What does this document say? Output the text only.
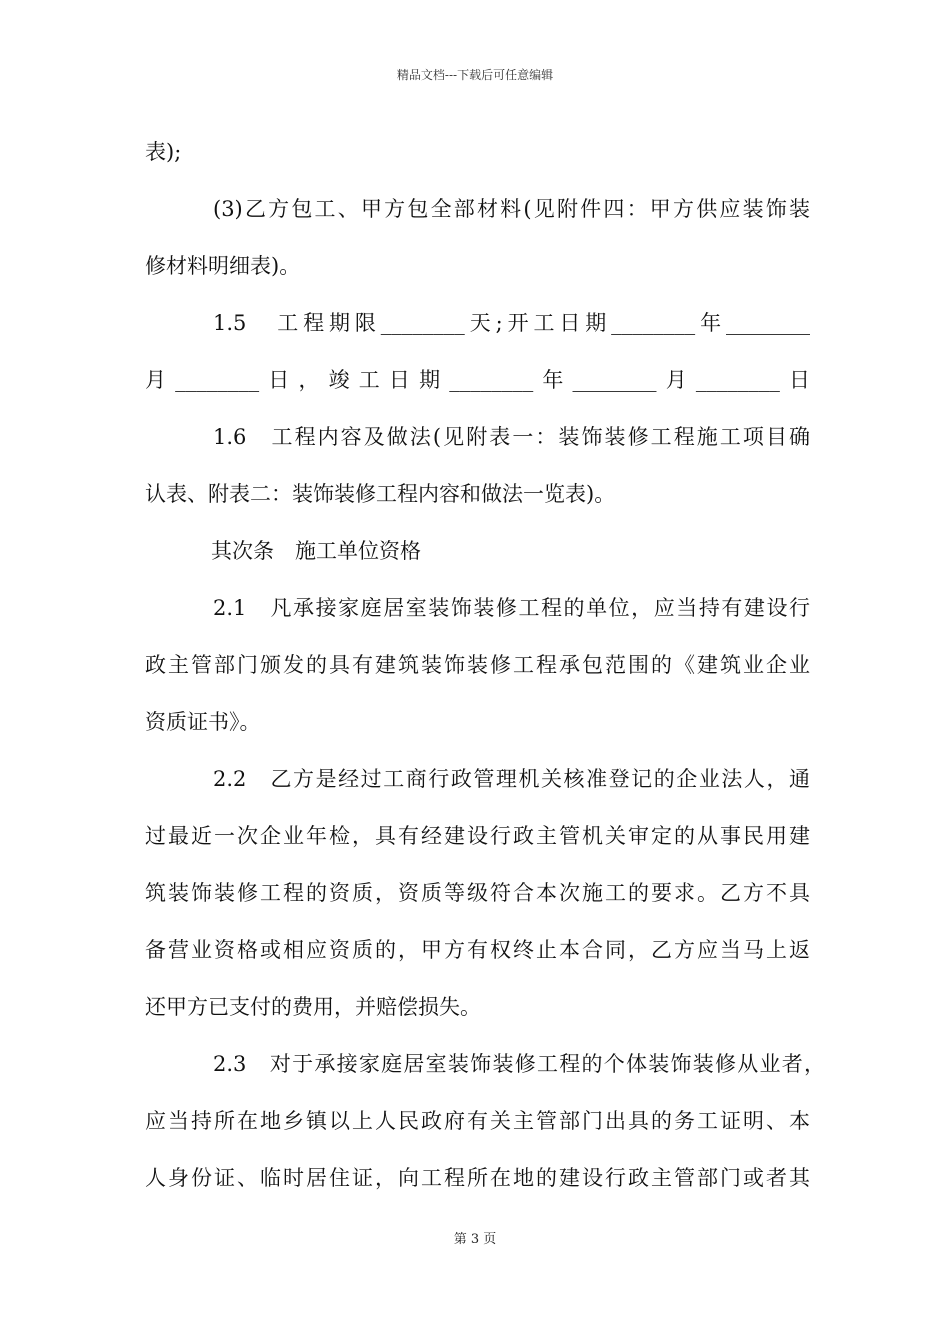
精品文档---下载后可任意编辑
表);
(3)乙方包工、甲方包全部材料(见附件四：甲方供应装饰装
修材料明细表)。
1.5　工程期限________天;开工日期________年________
月________日，竣工日期________年________月________日
1.6　工程内容及做法(见附表一：装饰装修工程施工项目确
认表、附表二：装饰装修工程内容和做法一览表)。
其次条　施工单位资格
2.1　凡承接家庭居室装饰装修工程的单位，应当持有建设行
政主管部门颁发的具有建筑装饰装修工程承包范围的《建筑业企业
资质证书》。
2.2　乙方是经过工商行政管理机关核准登记的企业法人，通
过最近一次企业年检，具有经建设行政主管机关审定的从事民用建
筑装饰装修工程的资质，资质等级符合本次施工的要求。乙方不具
备营业资格或相应资质的，甲方有权终止本合同，乙方应当马上返
还甲方已支付的费用，并赔偿损失。
2.3　对于承接家庭居室装饰装修工程的个体装饰装修从业者，
应当持所在地乡镇以上人民政府有关主管部门出具的务工证明、本
人身份证、临时居住证，向工程所在地的建设行政主管部门或者其
第 3 页
